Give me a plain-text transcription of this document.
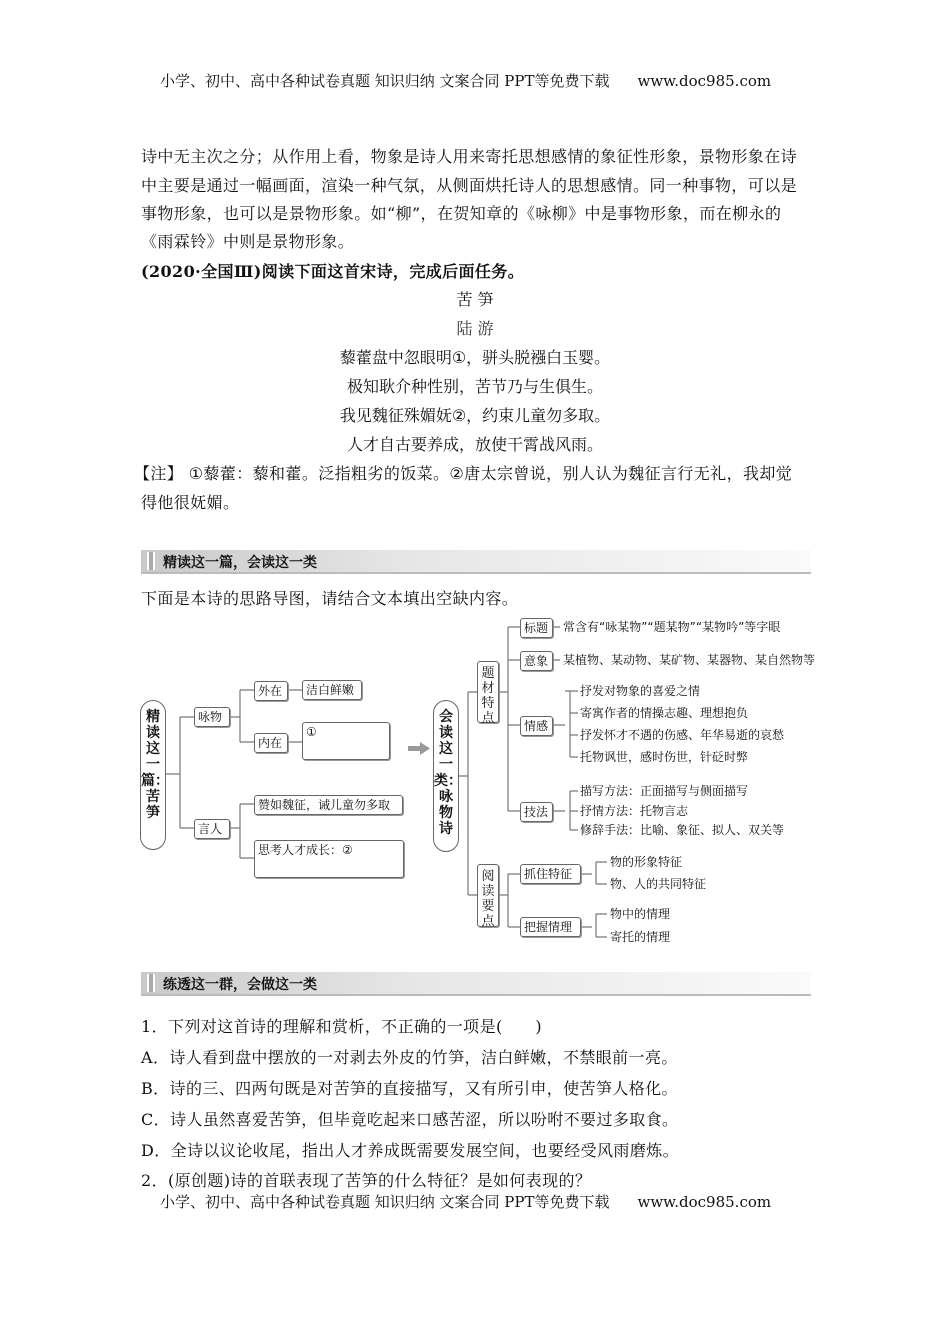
小学、初中、高中各种试卷真题 知识归纳 文案合同 PPT等免费下载 www.doc985.com
诗中无主次之分；从作用上看，物象是诗人用来寄托思想感情的象征性形象，景物形象在诗
中主要是通过一幅画面，渲染一种气氛，从侧面烘托诗人的思想感情。同一种事物，可以是
事物形象，也可以是景物形象。如“柳”，在贺知章的《咏柳》中是事物形象，而在柳永的
《雨霖铃》中则是景物形象。
(2020·全国Ⅲ)阅读下面这首宋诗，完成后面任务。
苦 笋
陆 游
藜藿盘中忽眼明①，骈头脱襁白玉婴。
极知耿介种性别，苦节乃与生俱生。
我见魏征殊媚妩②，约束儿童勿多取。
人才自古要养成，放使干霄战风雨。
【注】 ①藜藿：藜和藿。泛指粗劣的饭菜。②唐太宗曾说，别人认为魏征言行无礼，我却觉
得他很妩媚。
精读这一篇，会读这一类
下面是本诗的思路导图，请结合文本填出空缺内容。
精读这一篇：苦笋
咏物
言人
外在	洁白鲜嫩
内在
①
赞如魏征，诫儿童勿多取
思考人才成长：②
会读这一类：咏物诗
题材特点
阅读要点
标题	常含有“咏某物”“题某物”“某物吟”等字眼
意象	某植物、某动物、某矿物、某器物、某自然物等
情感
抒发对物象的喜爱之情
寄寓作者的情操志趣、理想抱负
抒发怀才不遇的伤感、年华易逝的哀愁
托物讽世，感时伤世，针砭时弊
技法
描写方法：正面描写与侧面描写
抒情方法：托物言志
修辞手法：比喻、象征、拟人、双关等
抓住特征
物的形象特征
物、人的共同特征
把握情理
物中的情理
寄托的情理
练透这一群，会做这一类
1．下列对这首诗的理解和赏析，不正确的一项是(　　)
A．诗人看到盘中摆放的一对剥去外皮的竹笋，洁白鲜嫩，不禁眼前一亮。
B．诗的三、四两句既是对苦笋的直接描写，又有所引申，使苦笋人格化。
C．诗人虽然喜爱苦笋，但毕竟吃起来口感苦涩，所以吩咐不要过多取食。
D．全诗以议论收尾，指出人才养成既需要发展空间，也要经受风雨磨炼。
2．(原创题)诗的首联表现了苦笋的什么特征？是如何表现的？
小学、初中、高中各种试卷真题 知识归纳 文案合同 PPT等免费下载 www.doc985.com
